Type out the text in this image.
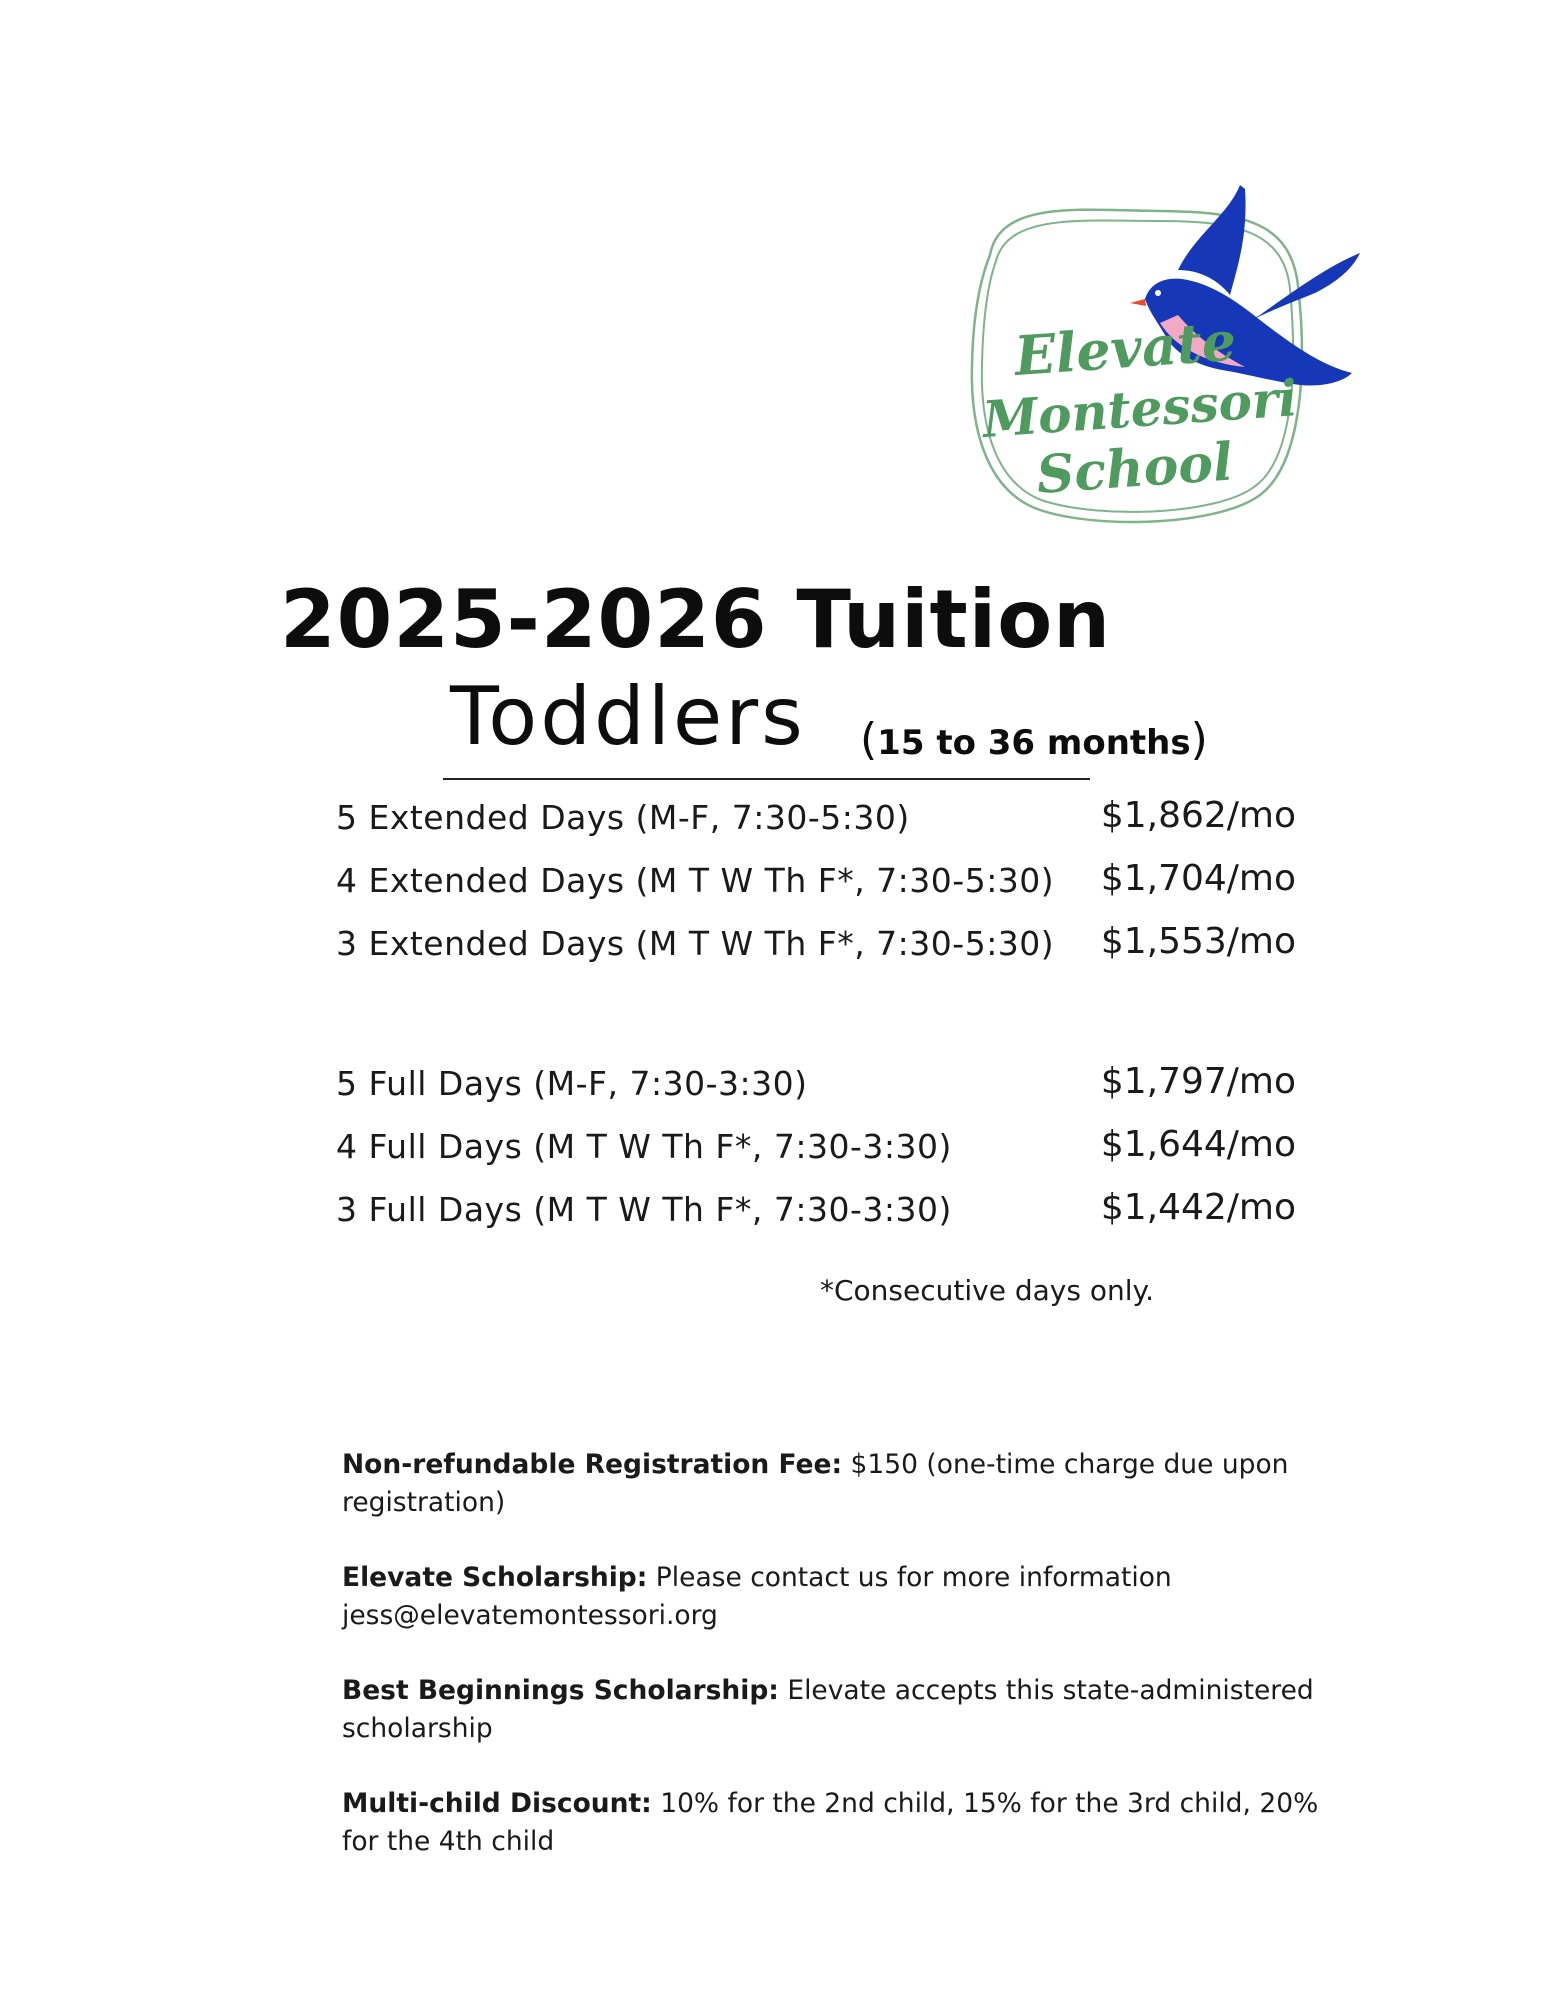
Elevate
Montessori
School
2025-2026 Tuition
Toddlers (15 to 36 months)
5 Extended Days (M-F, 7:30-5:30)	$1,862/mo
4 Extended Days (M T W Th F*, 7:30-5:30) $1,704/mo
3 Extended Days (M T W Th F*, 7:30-5:30) $1,553/mo
5 Full Days (M-F, 7:30-3:30)	$1,797/mo
4 Full Days (M T W Th F*, 7:30-3:30)	$1,644/mo
3 Full Days (M T W Th F*, 7:30-3:30)	$1,442/mo
*Consecutive days only.
Non-refundable Registration Fee: $150 (one-time charge due upon registration)
Elevate Scholarship: Please contact us for more information jess@elevatemontessori.org
Best Beginnings Scholarship: Elevate accepts this state-administered scholarship
Multi-child Discount: 10% for the 2nd child, 15% for the 3rd child, 20% for the 4th child
